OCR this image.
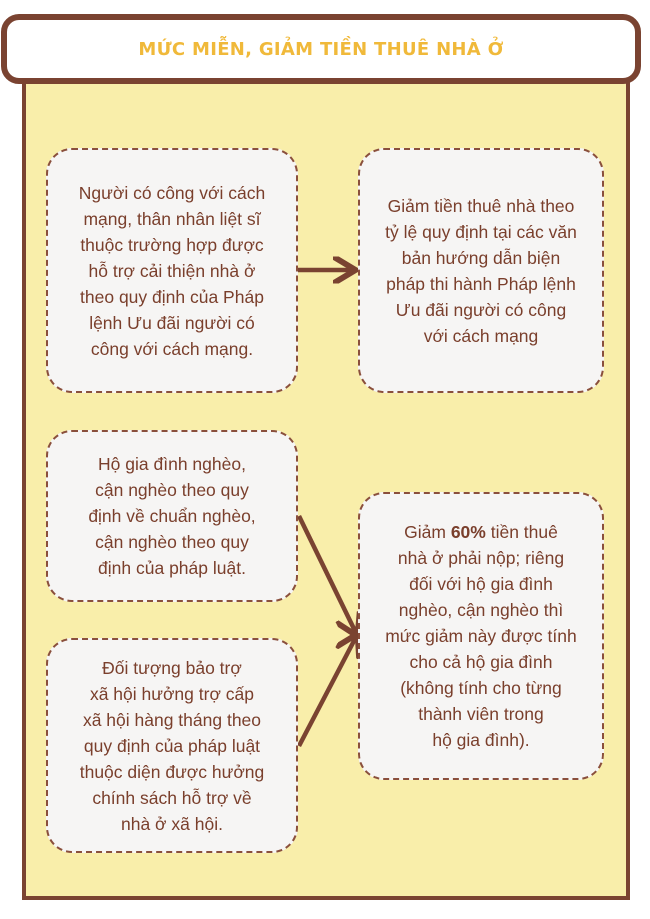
MỨC MIỄN, GIẢM TIỀN THUÊ NHÀ Ở
Người có công với cách
mạng, thân nhân liệt sĩ
thuộc trường hợp được
hỗ trợ cải thiện nhà ở
theo quy định của Pháp
lệnh Ưu đãi người có
công với cách mạng.
Giảm tiền thuê nhà theo
tỷ lệ quy định tại các văn
bản hướng dẫn biện
pháp thi hành Pháp lệnh
Ưu đãi người có công
với cách mạng
Hộ gia đình nghèo,
cận nghèo theo quy
định về chuẩn nghèo,
cận nghèo theo quy
định của pháp luật.
Đối tượng bảo trợ
xã hội hưởng trợ cấp
xã hội hàng tháng theo
quy định của pháp luật
thuộc diện được hưởng
chính sách hỗ trợ về
nhà ở xã hội.
Giảm 60% tiền thuê
nhà ở phải nộp; riêng
đối với hộ gia đình
nghèo, cận nghèo thì
mức giảm này được tính
cho cả hộ gia đình
(không tính cho từng
thành viên trong
hộ gia đình).
